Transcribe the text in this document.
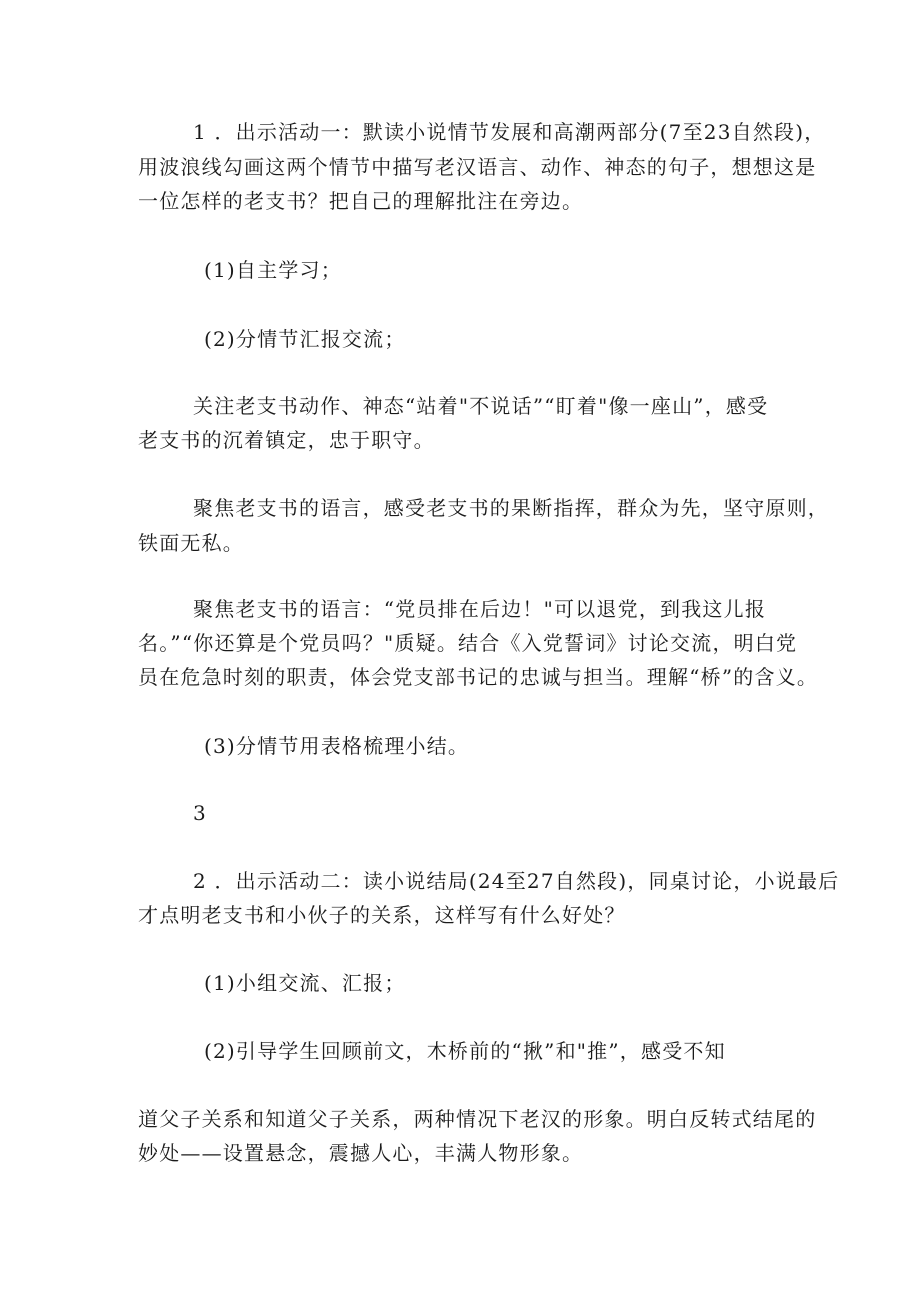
1 ．出示活动一：默读小说情节发展和高潮两部分(7至23自然段)，
用波浪线勾画这两个情节中描写老汉语言、动作、神态的句子，想想这是
一位怎样的老支书？把自己的理解批注在旁边。
(1)自主学习；
(2)分情节汇报交流；
关注老支书动作、神态“站着"不说话”“盯着"像一座山”，感受
老支书的沉着镇定，忠于职守。
聚焦老支书的语言，感受老支书的果断指挥，群众为先，坚守原则，
铁面无私。
聚焦老支书的语言：“党员排在后边！"可以退党，到我这儿报
名。”“你还算是个党员吗？"质疑。结合《入党誓词》讨论交流，明白党
员在危急时刻的职责，体会党支部书记的忠诚与担当。理解“桥”的含义。
(3)分情节用表格梳理小结。
3
2 ．出示活动二：读小说结局(24至27自然段)，同桌讨论，小说最后
才点明老支书和小伙子的关系，这样写有什么好处？
(1)小组交流、汇报；
(2)引导学生回顾前文，木桥前的“揪”和"推”，感受不知
道父子关系和知道父子关系，两种情况下老汉的形象。明白反转式结尾的
妙处——设置悬念，震撼人心，丰满人物形象。
